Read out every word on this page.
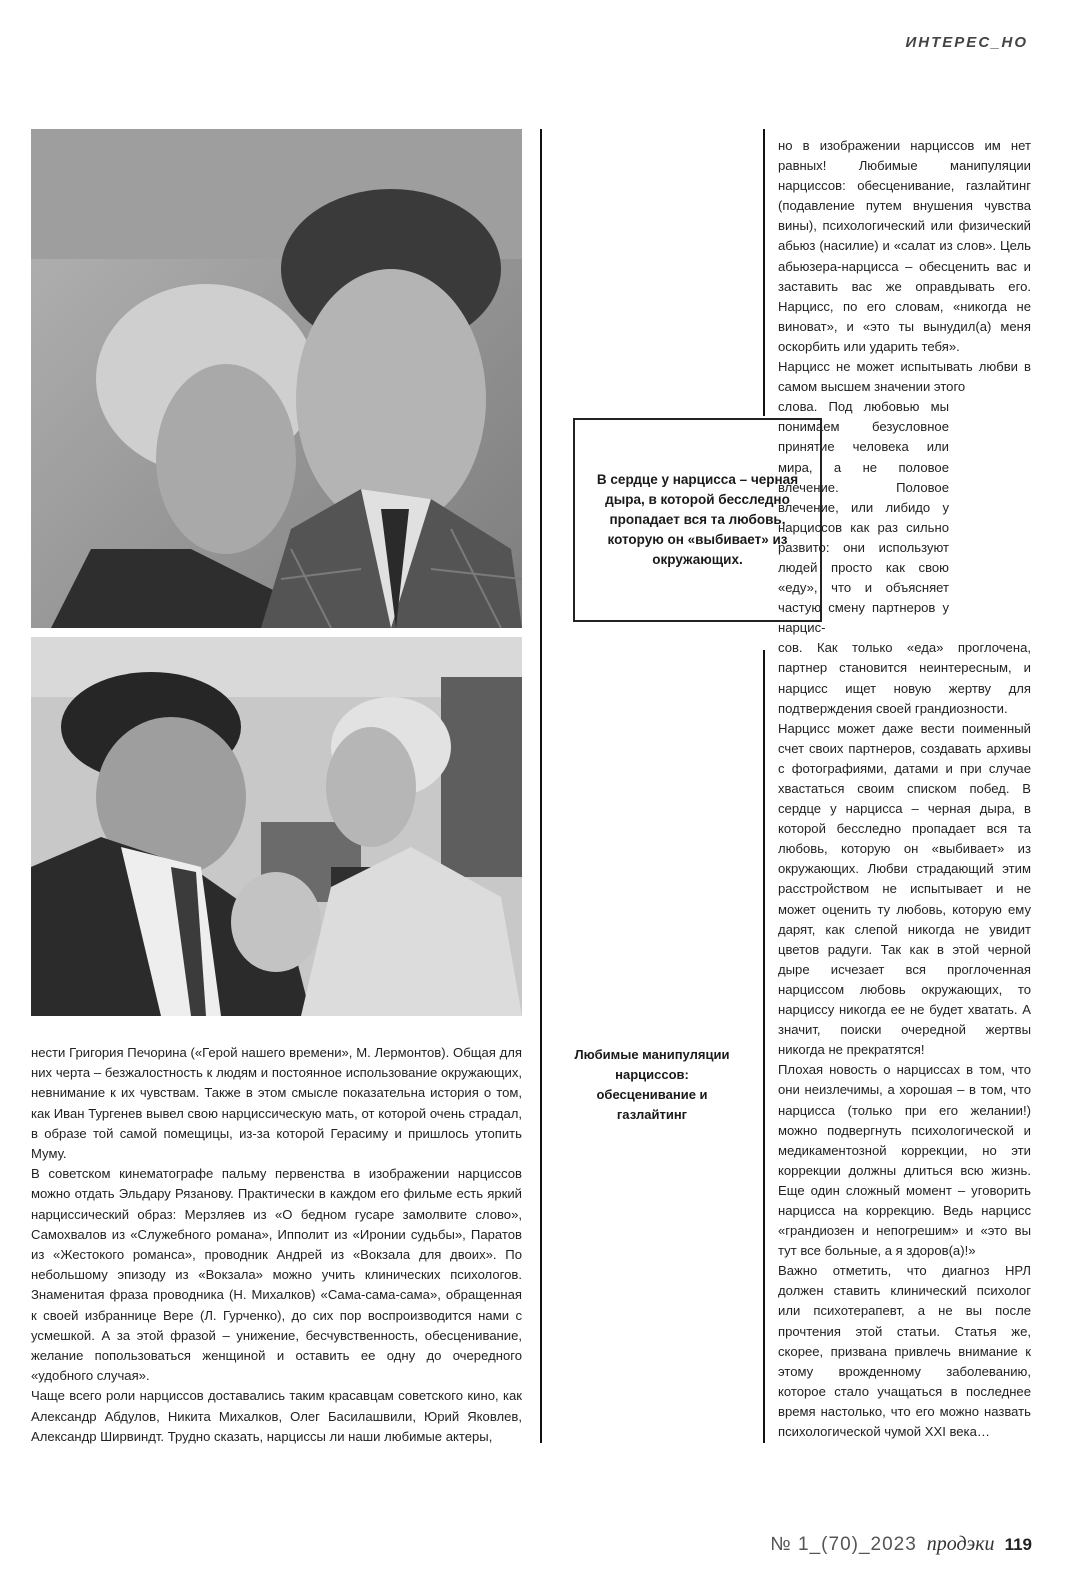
ИНТЕРЕС_НО
В сердце у нарцисса – черная дыра, в которой бесследно пропадает вся та любовь, которую он «выбивает» из окружающих.
Любимые манипуляции нарциссов: обесценивание и газлайтинг

но в изображении нарциссов им нет равных! Любимые манипуляции нарциссов: обесценивание, газлайтинг (подавление путем внушения чувства вины), психологический или физический абьюз (насилие) и «салат из слов». Цель абьюзера-нарцисса – обесценить вас и заставить вас же оправдывать его. Нарцисс, по его словам, «никогда не виноват», и «это ты вынудил(а) меня оскорбить или ударить тебя».

Нарцисс не может испытывать любви в самом высшем значении этого

слова. Под любовью мы понимаем безусловное принятие человека или мира, а не половое влечение. Половое влечение, или либидо у нарциссов как раз сильно развито: они используют людей просто как свою «еду», что и объясняет частую смену партнеров у нарцис-

сов. Как только «еда» проглочена, партнер становится неинтересным, и нарцисс ищет новую жертву для подтверждения своей грандиозности.

Нарцисс может даже вести поименный счет своих партнеров, создавать архивы с фотографиями, датами и при случае хвастаться своим списком побед. В сердце у нарцисса – черная дыра, в которой бесследно пропадает вся та любовь, которую он «выбивает» из окружающих. Любви страдающий этим расстройством не испытывает и не может оценить ту любовь, которую ему дарят, как слепой никогда не увидит цветов радуги. Так как в этой черной дыре исчезает вся проглоченная нарциссом любовь окружающих, то нарциссу никогда ее не будет хватать. А значит, поиски очередной жертвы никогда не прекратятся!

Плохая новость о нарциссах в том, что они неизлечимы, а хорошая – в том, что нарцисса (только при его желании!) можно подвергнуть психологической и медикаментозной коррекции, но эти коррекции должны длиться всю жизнь. Еще один сложный момент – уговорить нарцисса на коррекцию. Ведь нарцисс «грандиозен и непогрешим» и «это вы тут все больные, а я здоров(а)!»

Важно отметить, что диагноз НРЛ должен ставить клинический психолог или психотерапевт, а не вы после прочтения этой статьи. Статья же, скорее, призвана привлечь внимание к этому врожденному заболеванию, которое стало учащаться в последнее время настолько, что его можно назвать психологической чумой XXI века…

нести Григория Печорина («Герой нашего времени», М. Лермонтов). Общая для них черта – безжалостность к людям и постоянное использование окружающих, невнимание к их чувствам. Также в этом смысле показательна история о том, как Иван Тургенев вывел свою нарциссическую мать, от которой очень страдал, в образе той самой помещицы, из-за которой Герасиму и пришлось утопить Муму.

В советском кинематографе пальму первенства в изображении нарциссов можно отдать Эльдару Рязанову. Практически в каждом его фильме есть яркий нарциссический образ: Мерзляев из «О бедном гусаре замолвите слово», Самохвалов из «Служебного романа», Ипполит из «Иронии судьбы», Паратов из «Жестокого романса», проводник Андрей из «Вокзала для двоих». По небольшому эпизоду из «Вокзала» можно учить клинических психологов. Знаменитая фраза проводника (Н. Михалков) «Сама-сама-сама», обращенная к своей избраннице Вере (Л. Гурченко), до сих пор воспроизводится нами с усмешкой. А за этой фразой – унижение, бесчувственность, обесценивание, желание попользоваться женщиной и оставить ее одну до очередного «удобного случая».

Чаще всего роли нарциссов доставались таким красавцам советского кино, как Александр Абдулов, Никита Михалков, Олег Басилашвили, Юрий Яковлев, Александр Ширвиндт. Трудно сказать, нарциссы ли наши любимые актеры,

№ 1_(70)_2023 продэки 119
